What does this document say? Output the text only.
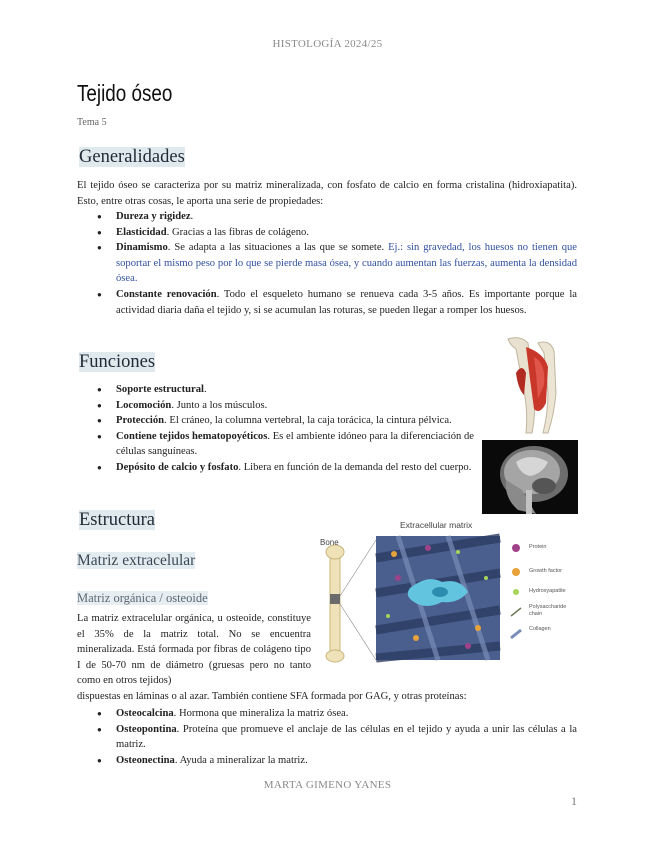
HISTOLOGÍA 2024/25
Tejido óseo
Tema 5
Generalidades
El tejido óseo se caracteriza por su matriz mineralizada, con fosfato de calcio en forma cristalina (hidroxiapatita). Esto, entre otras cosas, le aporta una serie de propiedades:
● Dureza y rigidez.
● Elasticidad. Gracias a las fibras de colágeno.
● Dinamismo. Se adapta a las situaciones a las que se somete. Ej.: sin gravedad, los huesos no tienen que soportar el mismo peso por lo que se pierde masa ósea, y cuando aumentan las fuerzas, aumenta la densidad ósea.
● Constante renovación. Todo el esqueleto humano se renueva cada 3-5 años. Es importante porque la actividad diaria daña el tejido y, si se acumulan las roturas, se pueden llegar a romper los huesos.
Funciones
● Soporte estructural.
● Locomoción. Junto a los músculos.
● Protección. El cráneo, la columna vertebral, la caja torácica, la cintura pélvica.
● Contiene tejidos hematopoyéticos. Es el ambiente idóneo para la diferenciación de células sanguíneas.
● Depósito de calcio y fosfato. Libera en función de la demanda del resto del cuerpo.
Estructura
Matriz extracelular
Matriz orgánica / osteoide
La matriz extracelular orgánica, u osteoide, constituye el 35% de la matriz total. No se encuentra mineralizada. Está formada por fibras de colágeno tipo I de 50-70 nm de diámetro (gruesas pero no tanto como en otros tejidos)
dispuestas en láminas o al azar. También contiene SFA formada por GAG, y otras proteínas:
● Osteocalcina. Hormona que mineraliza la matriz ósea.
● Osteopontina. Proteína que promueve el anclaje de las células en el tejido y ayuda a unir las células a la matriz.
● Osteonectina. Ayuda a mineralizar la matriz.
Extracellular matrix
Bone	Protein
Growth factor
Hydroxyapatite
Polysaccharide chain
Collagen
MARTA GIMENO YANES
1
